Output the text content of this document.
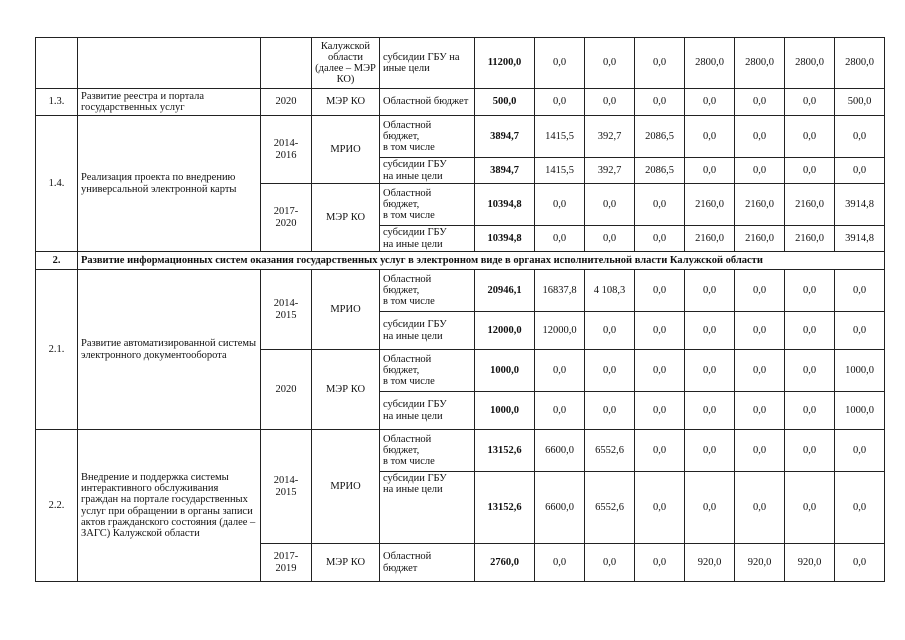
			Калужской области (далее – МЭР КО)	субсидии ГБУ на иные цели	11200,0	0,0	0,0	0,0	2800,0	2800,0	2800,0	2800,0
1.3.	Развитие реестра и портала государственных услуг	2020	МЭР КО	Областной бюджет	500,0	0,0	0,0	0,0	0,0	0,0	0,0	500,0
1.4.	Реализация проекта по внедрению универсальной электронной карты	2014-2016	МРИО	Областной
бюджет,
в том числе	3894,7	1415,5	392,7	2086,5	0,0	0,0	0,0	0,0

				субсидии ГБУ
на иные цели	3894,7	1415,5	392,7	2086,5	0,0	0,0	0,0	0,0
		2017-2020	МЭР КО	Областной
бюджет,
в том числе	10394,8	0,0	0,0	0,0	2160,0	2160,0	2160,0	3914,8

				субсидии ГБУ
на иные цели	10394,8	0,0	0,0	0,0	2160,0	2160,0	2160,0	3914,8
2.	Развитие информационных систем оказания государственных услуг в электронном виде в органах исполнительной власти Калужской области											
2.1.	Развитие автоматизированной системы электронного документооборота	2014-2015	МРИО	Областной
бюджет,
в том числе	20946,1	16837,8	4 108,3	0,0	0,0	0,0	0,0	0,0

				субсидии ГБУ
на иные цели	12000,0	12000,0	0,0	0,0	0,0	0,0	0,0	0,0
		2020	МЭР КО	Областной
бюджет,
в том числе	1000,0	0,0	0,0	0,0	0,0	0,0	0,0	1000,0

				субсидии ГБУ
на иные цели	1000,0	0,0	0,0	0,0	0,0	0,0	0,0	1000,0
2.2.	Внедрение и поддержка системы интерактивного обслуживания граждан на портале государственных услуг при обращении в органы записи актов гражданского состояния (далее – ЗАГС) Калужской области	2014-2015	МРИО	Областной
бюджет,
в том числе	13152,6	6600,0	6552,6	0,0	0,0	0,0	0,0	0,0

				субсидии ГБУ
на иные цели	13152,6	6600,0	6552,6	0,0	0,0	0,0	0,0	0,0
		2017-2019	МЭР КО	Областной
бюджет	2760,0	0,0	0,0	0,0	920,0	920,0	920,0	0,0
